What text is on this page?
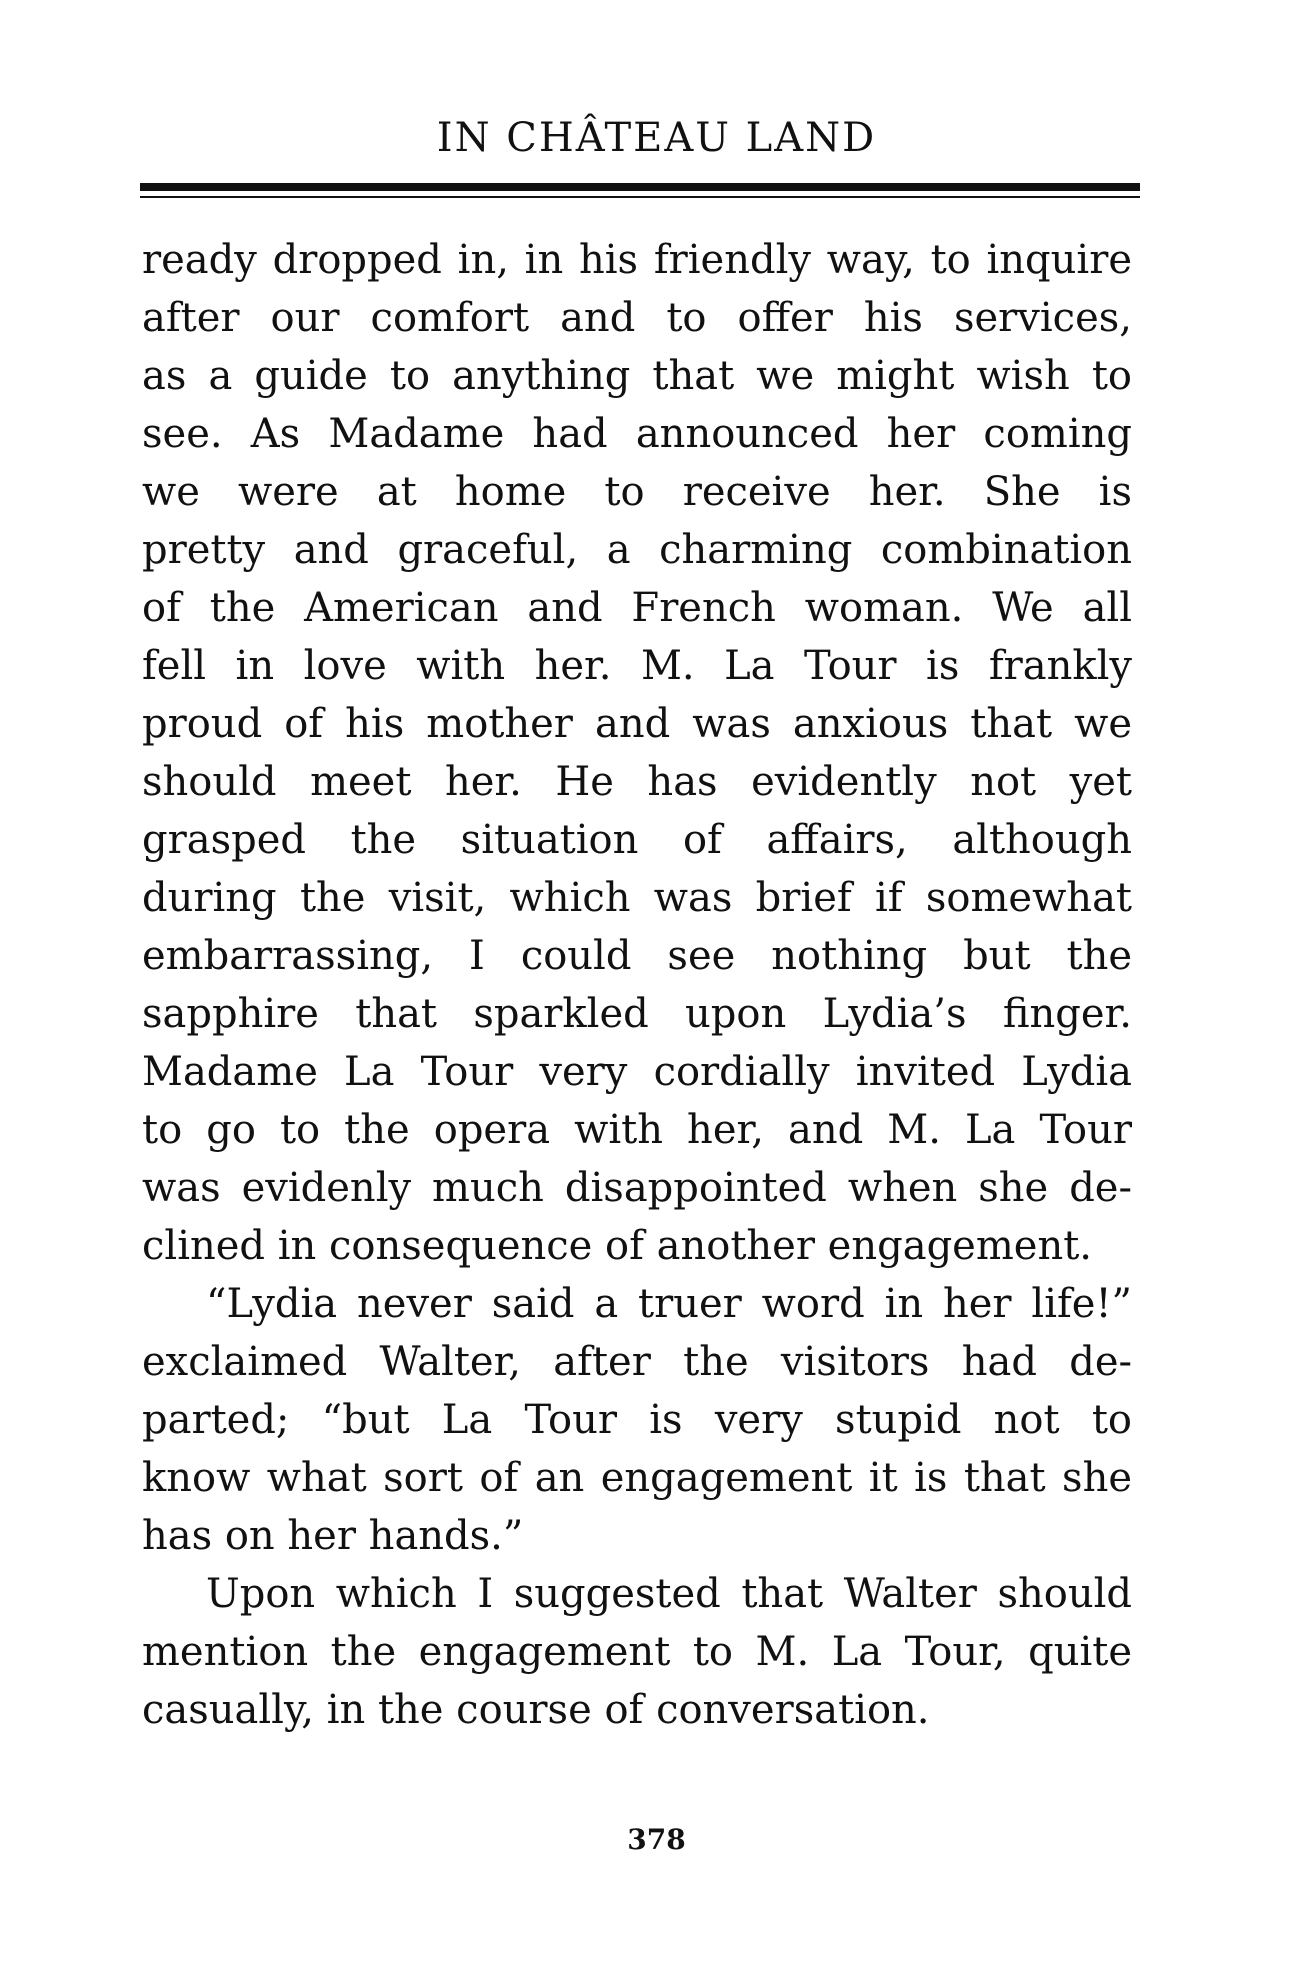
IN CHÂTEAU LAND
ready dropped in, in his friendly way, to inquire
after our comfort and to offer his services,
as a guide to anything that we might wish to
see. As Madame had announced her coming
we were at home to receive her. She is
pretty and graceful, a charming combination
of the American and French woman. We all
fell in love with her. M. La Tour is frankly
proud of his mother and was anxious that we
should meet her. He has evidently not yet
grasped the situation of affairs, although
during the visit, which was brief if somewhat
embarrassing, I could see nothing but the
sapphire that sparkled upon Lydia’s finger.
Madame La Tour very cordially invited Lydia
to go to the opera with her, and M. La Tour
was evidenly much disappointed when she de-
clined in consequence of another engagement.
“Lydia never said a truer word in her life!”
exclaimed Walter, after the visitors had de-
parted; “but La Tour is very stupid not to
know what sort of an engagement it is that she
has on her hands.”
Upon which I suggested that Walter should
mention the engagement to M. La Tour, quite
casually, in the course of conversation.
378
